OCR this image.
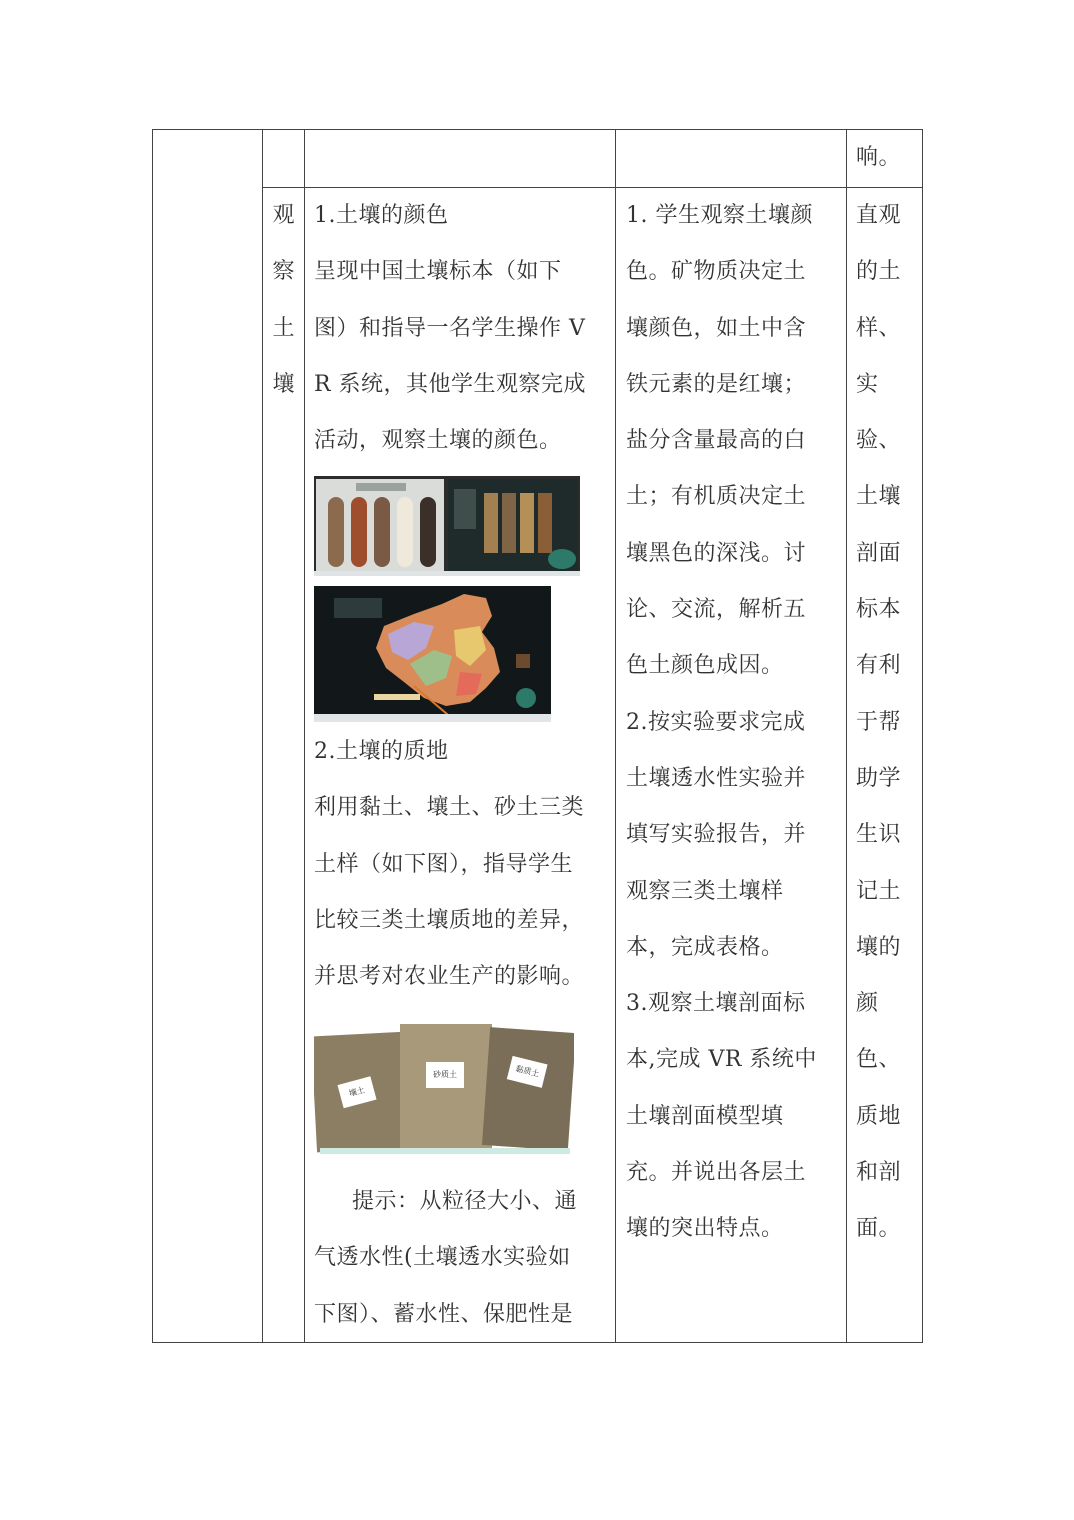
响。
观
察
土
壤
1.土壤的颜色
呈现中国土壤标本（如下
图）和指导一名学生操作 V
R 系统，其他学生观察完成
活动，观察土壤的颜色。
2.土壤的质地
利用黏土、壤土、砂土三类
土样（如下图），指导学生
比较三类土壤质地的差异，
并思考对农业生产的影响。
壤土
砂质土	黏质土
提示：从粒径大小、通
气透水性(土壤透水实验如
下图）、蓄水性、保肥性是
1. 学生观察土壤颜
色。矿物质决定土
壤颜色，如土中含
铁元素的是红壤；
盐分含量最高的白
土；有机质决定土
壤黑色的深浅。讨
论、交流，解析五
色土颜色成因。
2.按实验要求完成
土壤透水性实验并
填写实验报告，并
观察三类土壤样
本，完成表格。
3.观察土壤剖面标
本,完成 VR 系统中
土壤剖面模型填
充。并说出各层土
壤的突出特点。
直观
的土
样、
实
验、
土壤
剖面
标本
有利
于帮
助学
生识
记土
壤的
颜
色、
质地
和剖
面。
